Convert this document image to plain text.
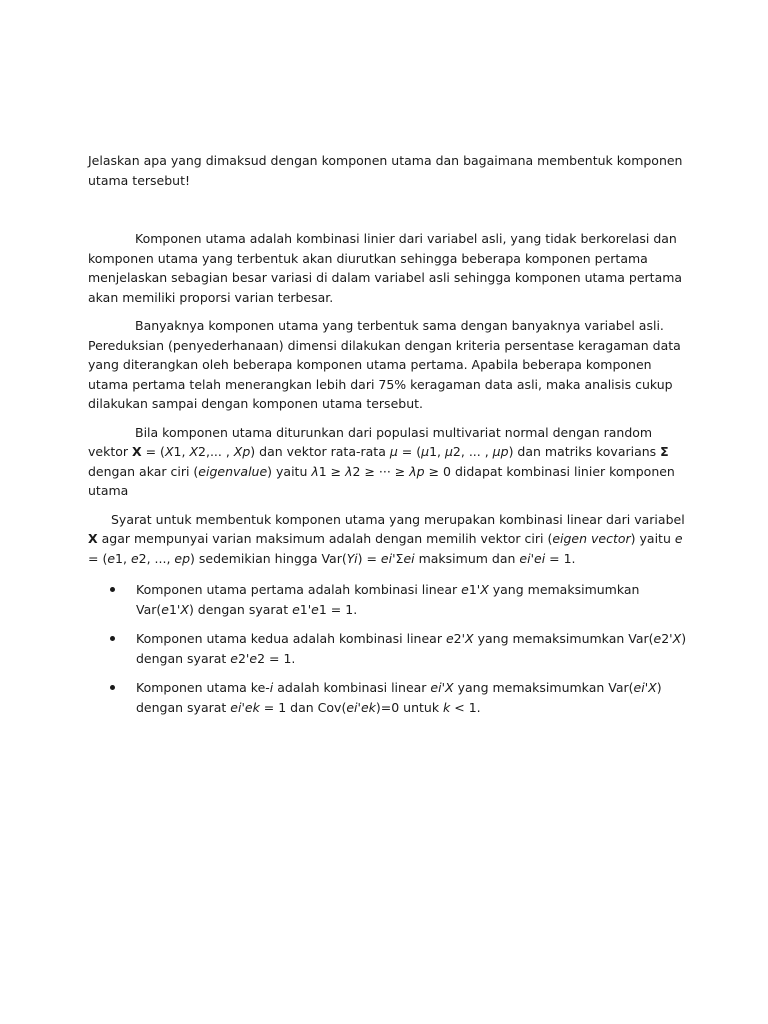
Jelaskan apa yang dimaksud dengan komponen utama dan bagaimana membentuk komponen utama tersebut!

Komponen utama adalah kombinasi linier dari variabel asli, yang tidak berkorelasi dan komponen utama yang terbentuk akan diurutkan sehingga beberapa komponen pertama menjelaskan sebagian besar variasi di dalam variabel asli sehingga komponen utama pertama akan memiliki proporsi varian terbesar.

Banyaknya komponen utama yang terbentuk sama dengan banyaknya variabel asli. Pereduksian (penyederhanaan) dimensi dilakukan dengan kriteria persentase keragaman data yang diterangkan oleh beberapa komponen utama pertama. Apabila beberapa komponen utama pertama telah menerangkan lebih dari 75% keragaman data asli, maka analisis cukup dilakukan sampai dengan komponen utama tersebut.

Bila komponen utama diturunkan dari populasi multivariat normal dengan random vektor X = (X1, X2,... , Xp) dan vektor rata-rata μ = (μ1, μ2, ... , μp) dan matriks kovarians Σ dengan akar ciri (eigenvalue) yaitu λ1 ≥ λ2 ≥ ··· ≥ λp ≥ 0 didapat kombinasi linier komponen utama

Syarat untuk membentuk komponen utama yang merupakan kombinasi linear dari variabel X agar mempunyai varian maksimum adalah dengan memilih vektor ciri (eigen vector) yaitu e = (e1, e2, ..., ep) sedemikian hingga Var(Yi) = ei'Σei maksimum dan ei'ei = 1.

Komponen utama pertama adalah kombinasi linear e1'X yang memaksimumkan Var(e1'X) dengan syarat e1'e1 = 1.
Komponen utama kedua adalah kombinasi linear e2'X yang memaksimumkan Var(e2'X) dengan syarat e2'e2 = 1.
Komponen utama ke-i adalah kombinasi linear ei'X yang memaksimumkan Var(ei'X) dengan syarat ei'ek = 1 dan Cov(ei'ek)=0 untuk k < 1.
